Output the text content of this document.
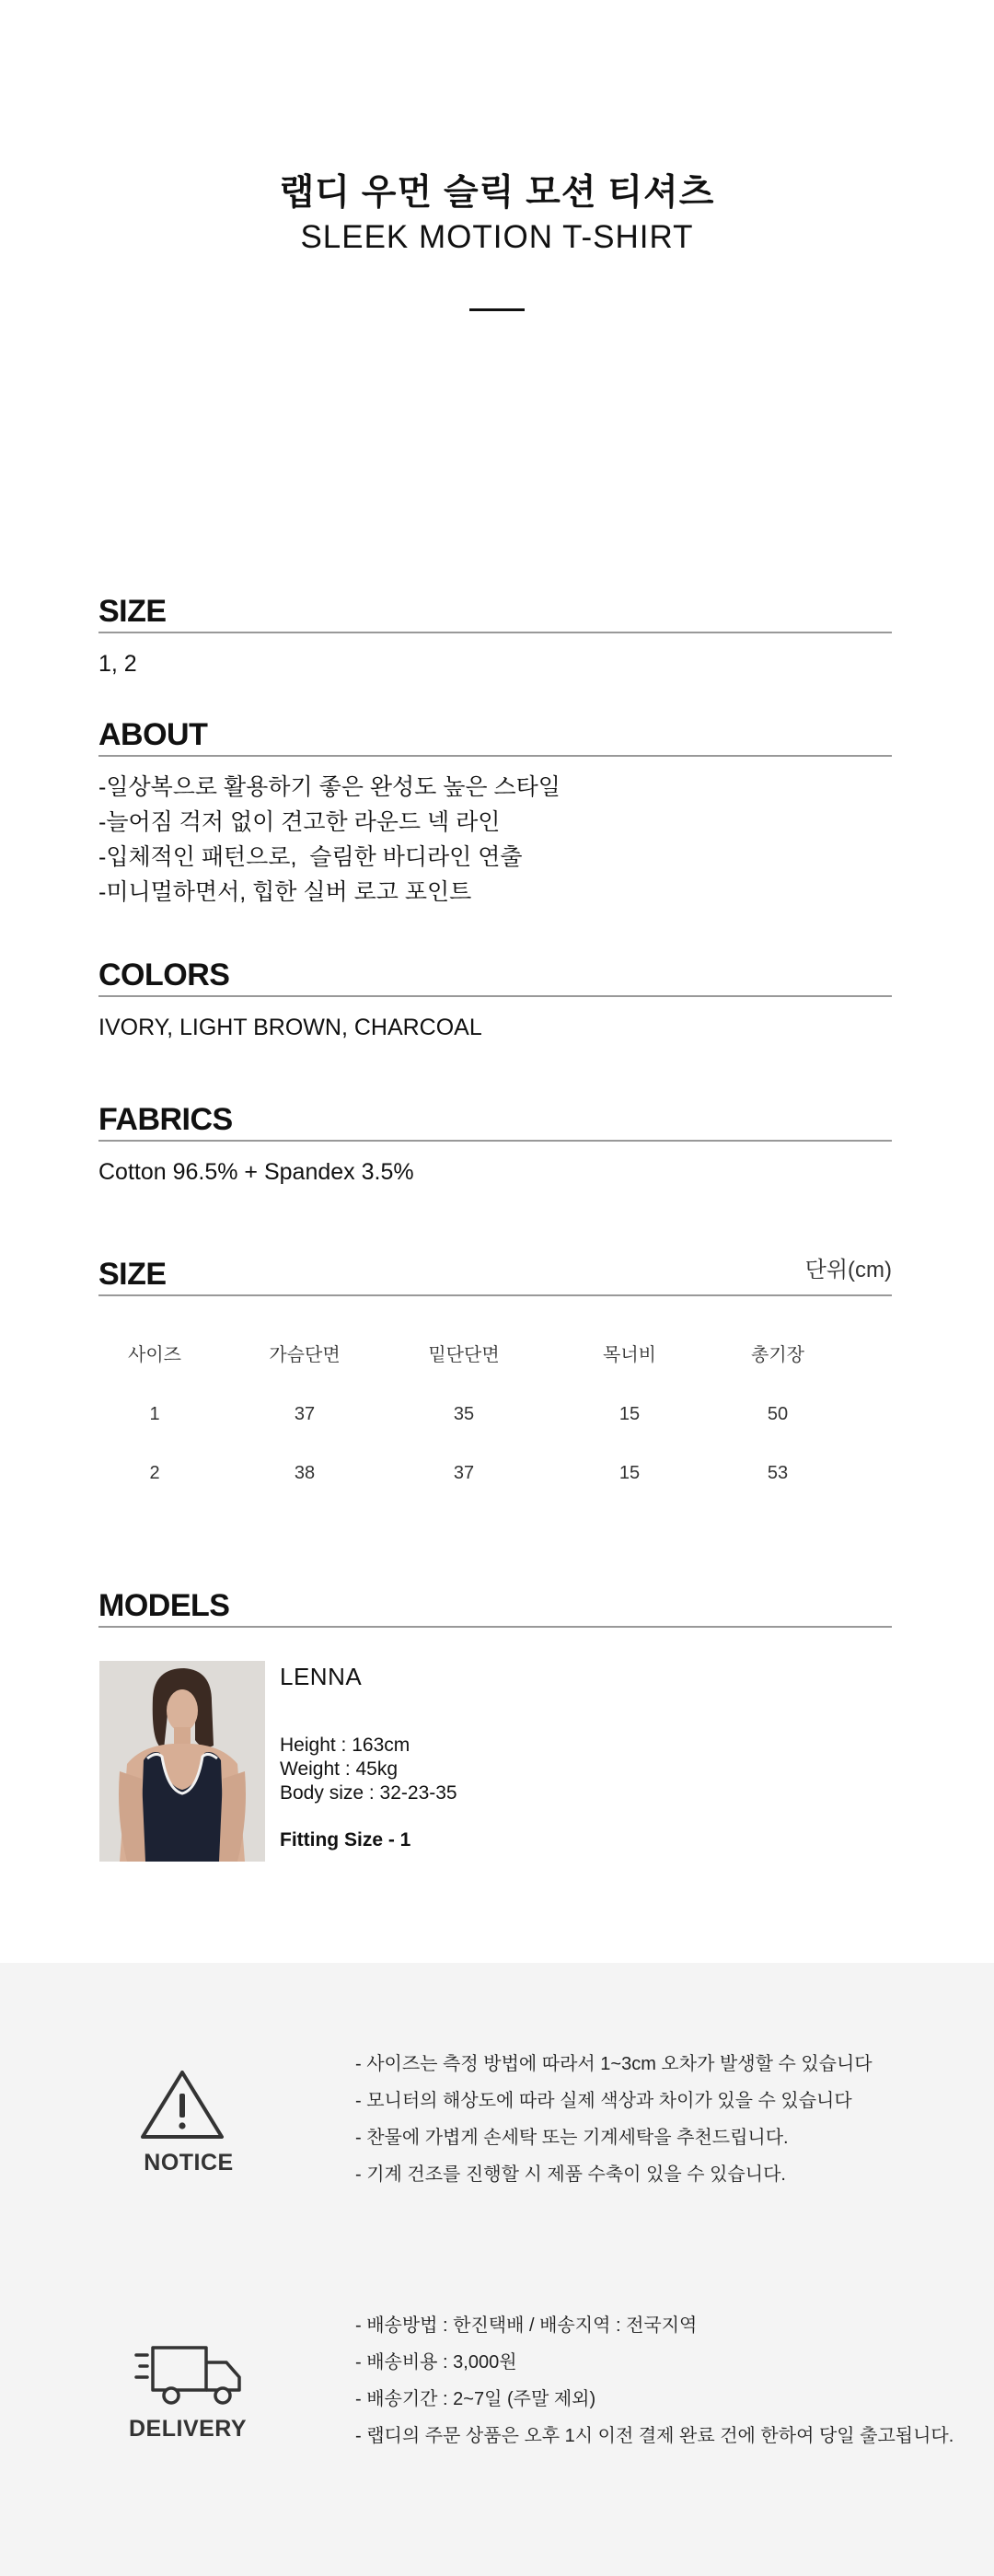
랩디 우먼 슬릭 모션 티셔츠
SLEEK MOTION T-SHIRT
SIZE

1, 2

ABOUT

-일상복으로 활용하기 좋은 완성도 높은 스타일

-늘어짐 걱저 없이 견고한 라운드 넥 라인

-입체적인 패턴으로,  슬림한 바디라인 연출

-미니멀하면서, 힙한 실버 로고 포인트

COLORS

IVORY, LIGHT BROWN, CHARCOAL

FABRICS

Cotton 96.5% + Spandex 3.5%

SIZE	단위(cm)
사이즈	가슴단면	밑단단면	목너비	총기장
1	37	35	15	50
2	38	37	15	53
MODELS
LENNA
Height : 163cm
Weight : 45kg
Body size : 32-23-35
Fitting Size - 1
NOTICE

- 사이즈는 측정 방법에 따라서 1~3cm 오차가 발생할 수 있습니다

- 모니터의 해상도에 따라 실제 색상과 차이가 있을 수 있습니다

- 찬물에 가볍게 손세탁 또는 기계세탁을 추천드립니다.

- 기계 건조를 진행할 시 제품 수축이 있을 수 있습니다.

DELIVERY

- 배송방법 : 한진택배 / 배송지역 : 전국지역

- 배송비용 : 3,000원

- 배송기간 : 2~7일 (주말 제외)

- 랩디의 주문 상품은 오후 1시 이전 결제 완료 건에 한하여 당일 출고됩니다.
